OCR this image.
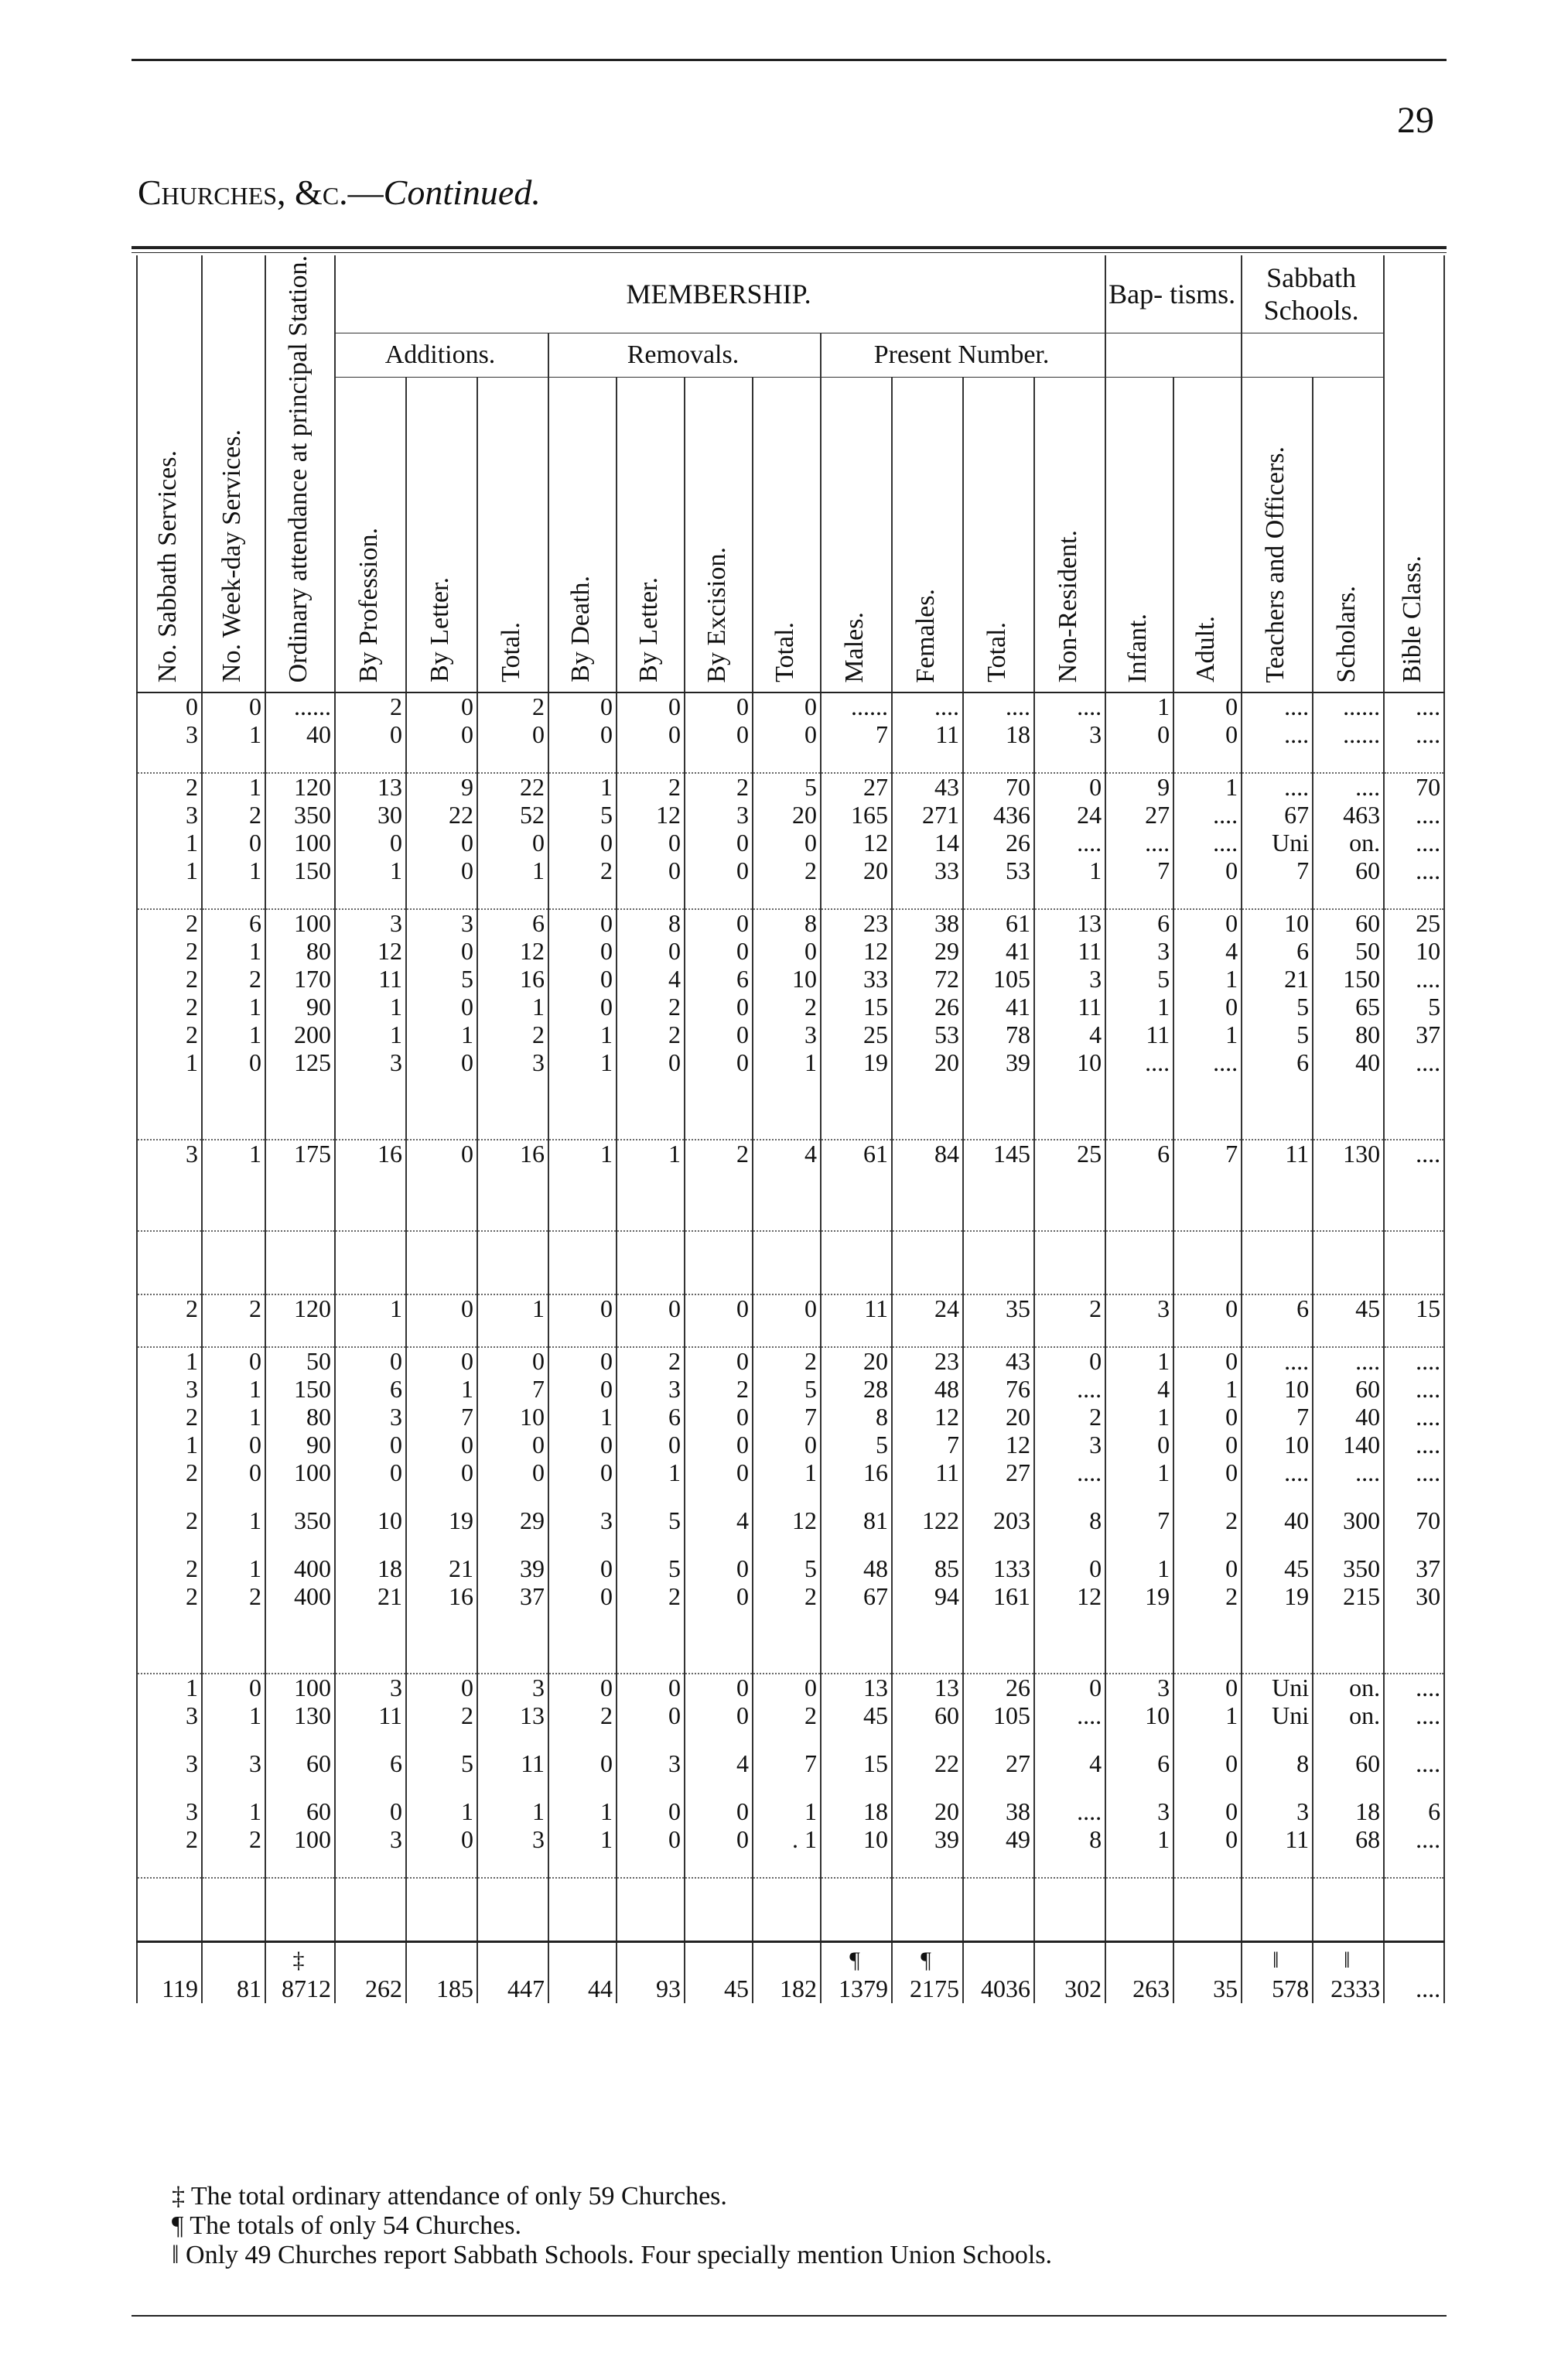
29
Churches, &c.—Continued.
No. Sabbath Services.	No. Week-day Services.	Ordinary attendance at principal Station.	MEMBERSHIP.											Bap- tisms.		Sabbath Schools.		Bible Class.

			Additions.			Removals.				Present Number.								

			By Profession.	By Letter.	Total.	By Death.	By Letter.	By Excision.	Total.	Males.	Females.	Total.	Non-Resident.	Infant.	Adult.	Teachers and Officers.	Scholars.	

0	0	......	2	0	2	0	0	0	0	......	....	....	....	1	0	....	......	....
3	1	40	0	0	0	0	0	0	0	7	11	18	3	0	0	....	......	....

2	1	120	13	9	22	1	2	2	5	27	43	70	0	9	1	....	....	70
3	2	350	30	22	52	5	12	3	20	165	271	436	24	27	....	67	463	....
1	0	100	0	0	0	0	0	0	0	12	14	26	....	....	....	Uni	on.	....
1	1	150	1	0	1	2	0	0	2	20	33	53	1	7	0	7	60	....

2	6	100	3	3	6	0	8	0	8	23	38	61	13	6	0	10	60	25
2	1	80	12	0	12	0	0	0	0	12	29	41	11	3	4	6	50	10
2	2	170	11	5	16	0	4	6	10	33	72	105	3	5	1	21	150	....
2	1	90	1	0	1	0	2	0	2	15	26	41	11	1	0	5	65	5
2	1	200	1	1	2	1	2	0	3	25	53	78	4	11	1	5	80	37
1	0	125	3	0	3	1	0	0	1	19	20	39	10	....	....	6	40	....

3	1	175	16	0	16	1	1	2	4	61	84	145	25	6	7	11	130	....

2	2	120	1	0	1	0	0	0	0	11	24	35	2	3	0	6	45	15

1	0	50	0	0	0	0	2	0	2	20	23	43	0	1	0	....	....	....
3	1	150	6	1	7	0	3	2	5	28	48	76	....	4	1	10	60	....
2	1	80	3	7	10	1	6	0	7	8	12	20	2	1	0	7	40	....
1	0	90	0	0	0	0	0	0	0	5	7	12	3	0	0	10	140	....
2	0	100	0	0	0	0	1	0	1	16	11	27	....	1	0	....	....	....

2	1	350	10	19	29	3	5	4	12	81	122	203	8	7	2	40	300	70

2	1	400	18	21	39	0	5	0	5	48	85	133	0	1	0	45	350	37
2	2	400	21	16	37	0	2	0	2	67	94	161	12	19	2	19	215	30

1	0	100	3	0	3	0	0	0	0	13	13	26	0	3	0	Uni	on.	....
3	1	130	11	2	13	2	0	0	2	45	60	105	....	10	1	Uni	on.	....

3	3	60	6	5	11	0	3	4	7	15	22	27	4	6	0	8	60	....

3	1	60	0	1	1	1	0	0	1	18	20	38	....	3	0	3	18	6
2	2	100	3	0	3	1	0	0	. 1	10	39	49	8	1	0	11	68	....

		‡								¶	¶					‖	‖	
119	81	8712	262	185	447	44	93	45	182	1379	2175	4036	302	263	35	578	2333	....
‡ The total ordinary attendance of only 59 Churches.
¶ The totals of only 54 Churches.
‖ Only 49 Churches report Sabbath Schools. Four specially mention Union Schools.
